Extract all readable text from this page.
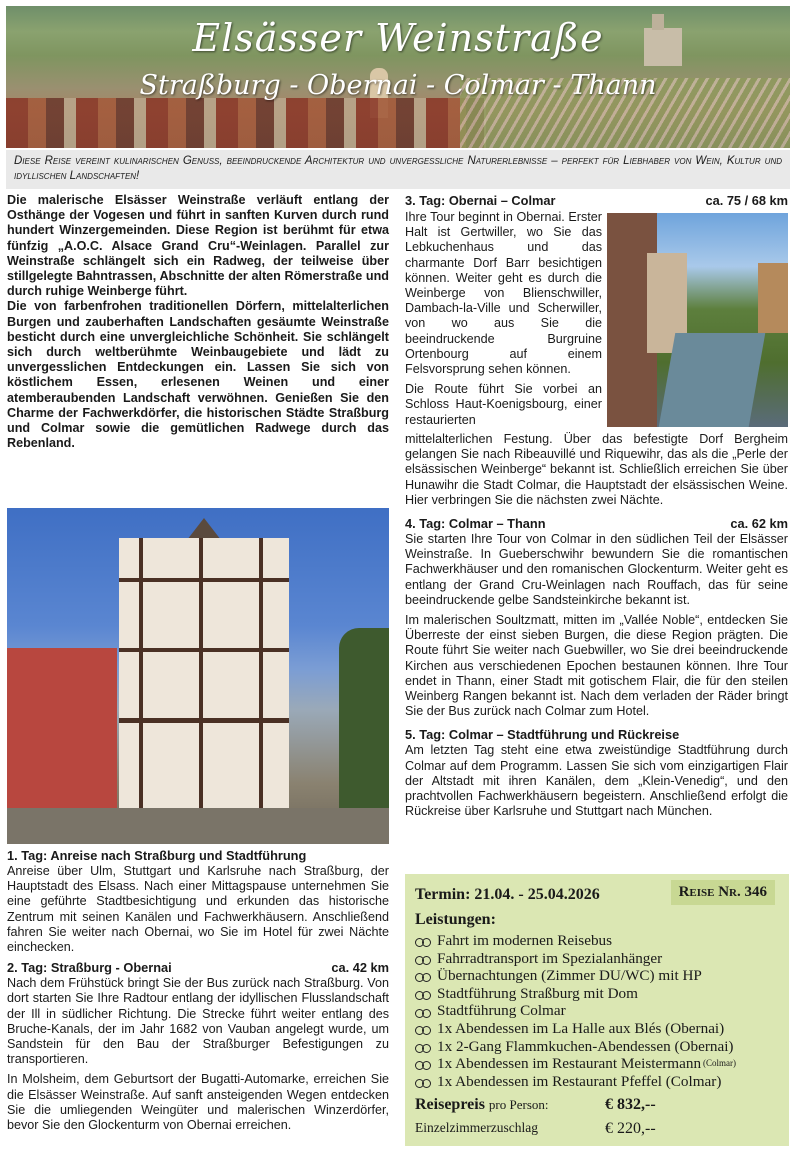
Elsässer Weinstraße
Straßburg - Obernai - Colmar - Thann
Diese Reise vereint kulinarischen Genuss, beeindruckende Architektur und unvergessliche Naturerlebnisse – perfekt für Liebhaber von Wein, Kultur und idyllischen Landschaften!

Die malerische Elsässer Weinstraße verläuft entlang der Osthänge der Vogesen und führt in sanften Kurven durch rund hundert Winzergemeinden. Diese Region ist berühmt für etwa fünfzig „A.O.C. Alsace Grand Cru“-Weinlagen. Parallel zur Weinstraße schlängelt sich ein Radweg, der teilweise über stillgelegte Bahntrassen, Abschnitte der alten Römerstraße und durch ruhige Weinberge führt.

Die von farbenfrohen traditionellen Dörfern, mittelalterlichen Burgen und zauberhaften Landschaften gesäumte Weinstraße besticht durch eine unvergleichliche Schönheit. Sie schlängelt sich durch weltberühmte Weinbaugebiete und lädt zu unvergesslichen Entdeckungen ein. Lassen Sie sich von köstlichem Essen, erlesenen Weinen und einer atemberaubenden Landschaft verwöhnen. Genießen Sie den Charme der Fachwerkdörfer, die historischen Städte Straßburg und Colmar sowie die gemütlichen Radwege durch das Rebenland.

1. Tag: Anreise nach Straßburg und Stadtführung

Anreise über Ulm, Stuttgart und Karlsruhe nach Straßburg, der Hauptstadt des Elsass. Nach einer Mittagspause unternehmen Sie eine geführte Stadtbesichtigung und erkunden das historische Zentrum mit seinen Kanälen und Fachwerkhäusern. Anschließend fahren Sie weiter nach Obernai, wo Sie im Hotel für zwei Nächte einchecken.

2. Tag: Straßburg - Obernai	ca. 42 km

Nach dem Frühstück bringt Sie der Bus zurück nach Straßburg. Von dort starten Sie Ihre Radtour entlang der idyllischen Flusslandschaft der Ill in südlicher Richtung. Die Strecke führt weiter entlang des Bruche-Kanals, der im Jahr 1682 von Vauban angelegt wurde, um Sandstein für den Bau der Straßburger Befestigungen zu transportieren.

In Molsheim, dem Geburtsort der Bugatti-Automarke, erreichen Sie die Elsässer Weinstraße. Auf sanft ansteigenden Wegen entdecken Sie die umliegenden Weingüter und malerischen Winzerdörfer, bevor Sie den Glockenturm von Obernai erreichen.

3. Tag: Obernai – Colmar	ca. 75 / 68 km

Ihre Tour beginnt in Obernai. Erster Halt ist Gertwiller, wo Sie das Lebkuchenhaus und das charmante Dorf Barr besichtigen können. Weiter geht es durch die Weinberge von Blienschwiller, Dambach-la-Ville und Scherwiller, von wo aus Sie die beeindruckende Burgruine Ortenbourg auf einem Felsvorsprung sehen können.

Die Route führt Sie vorbei an Schloss Haut-Koenigsbourg, einer restaurierten

mittelalterlichen Festung. Über das befestigte Dorf Bergheim gelangen Sie nach Ribeauvillé und Riquewihr, das als die „Perle der elsässischen Weinberge“ bekannt ist. Schließlich erreichen Sie über Hunawihr die Stadt Colmar, die Hauptstadt der elsässischen Weine. Hier verbringen Sie die nächsten zwei Nächte.

4. Tag: Colmar – Thann	ca. 62 km

Sie starten Ihre Tour von Colmar in den südlichen Teil der Elsässer Weinstraße. In Gueberschwihr bewundern Sie die romantischen Fachwerkhäuser und den romanischen Glockenturm. Weiter geht es entlang der Grand Cru-Weinlagen nach Rouffach, das für seine beeindruckende gelbe Sandsteinkirche bekannt ist.

Im malerischen Soultzmatt, mitten im „Vallée Noble“, entdecken Sie Überreste der einst sieben Burgen, die diese Region prägten. Die Route führt Sie weiter nach Guebwiller, wo Sie drei beeindruckende Kirchen aus verschiedenen Epochen bestaunen können. Ihre Tour endet in Thann, einer Stadt mit gotischem Flair, die für den steilen Weinberg Rangen bekannt ist. Nach dem verladen der Räder bringt Sie der Bus zurück nach Colmar zum Hotel.

5. Tag: Colmar – Stadtführung und Rückreise

Am letzten Tag steht eine etwa zweistündige Stadtführung durch Colmar auf dem Programm. Lassen Sie sich vom einzigartigen Flair der Altstadt mit ihren Kanälen, dem „Klein-Venedig“, und den prachtvollen Fachwerkhäusern begeistern. Anschließend erfolgt die Rückreise über Karlsruhe und Stuttgart nach München.

Termin: 21.04. - 25.04.2026	Reise Nr. 346
Leistungen:
Fahrt im modernen Reisebus
Fahrradtransport im Spezialanhänger
Übernachtungen (Zimmer DU/WC) mit HP
Stadtführung Straßburg mit Dom
Stadtführung Colmar
1x Abendessen im La Halle aux Blés (Obernai)
1x 2-Gang Flammkuchen-Abendessen (Obernai)
1x Abendessen im Restaurant Meistermann (Colmar)
1x Abendessen im Restaurant Pfeffel (Colmar)
Reisepreis pro Person:	€ 832,--
Einzelzimmerzuschlag	€ 220,--
